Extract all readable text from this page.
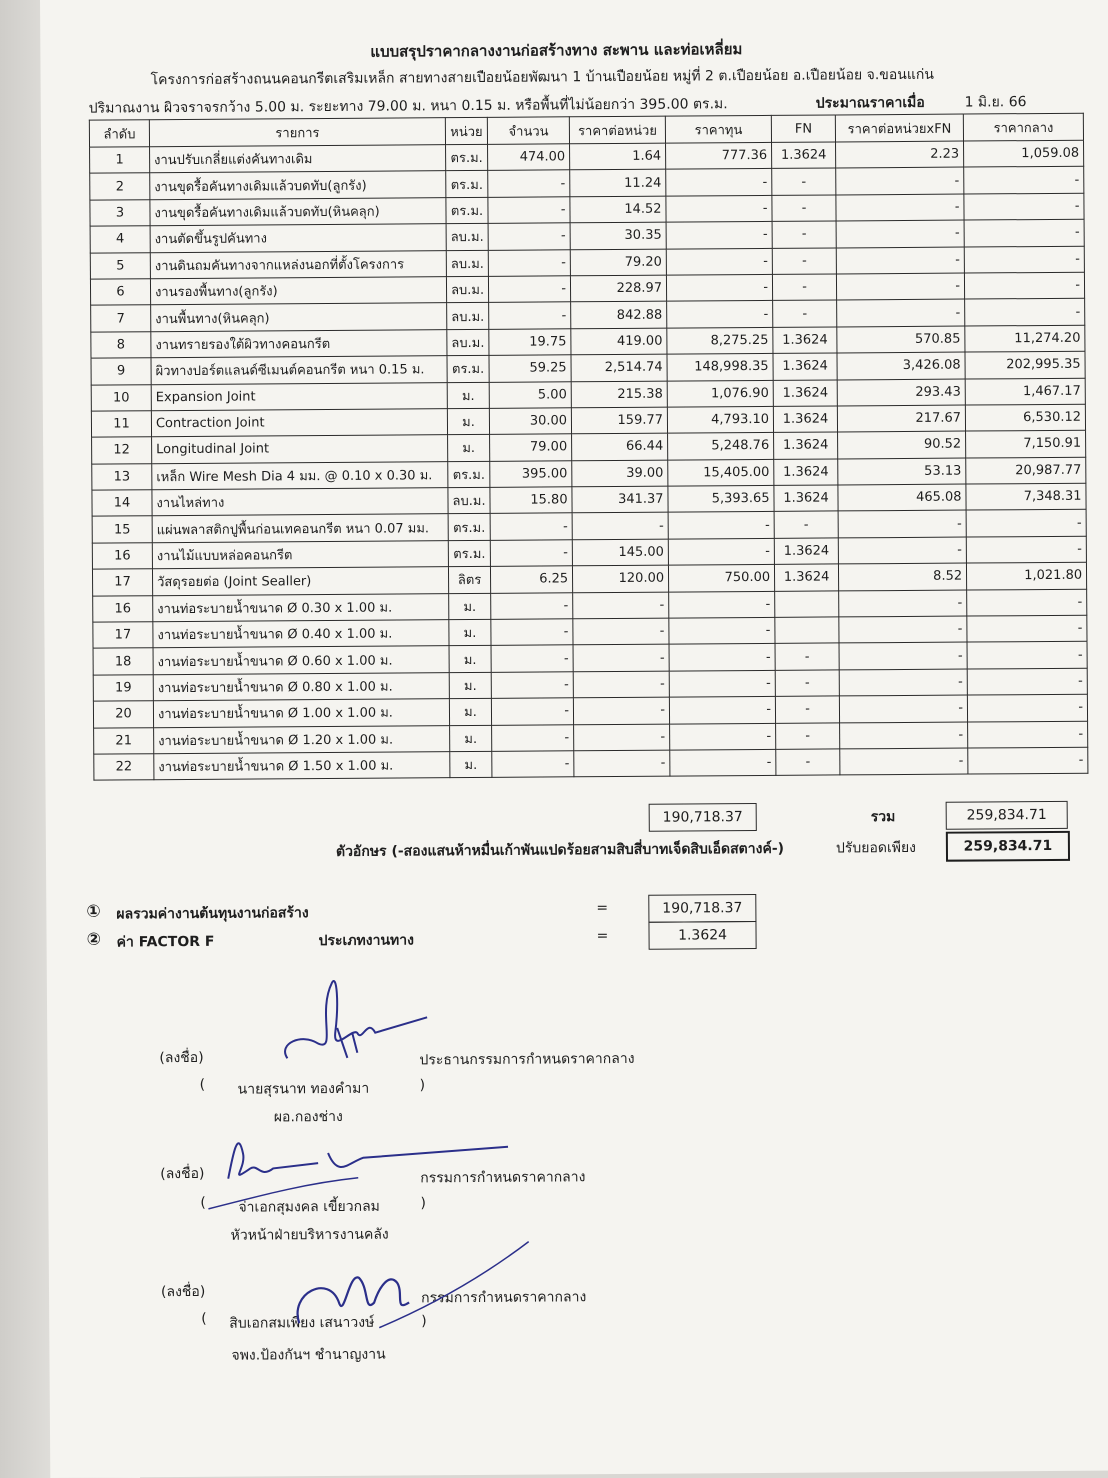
แบบสรุปราคากลางงานก่อสร้างทาง สะพาน และท่อเหลี่ยม
โครงการก่อสร้างถนนคอนกรีตเสริมเหล็ก สายทางสายเปือยน้อยพัฒนา 1 บ้านเปือยน้อย หมู่ที่ 2 ต.เปือยน้อย อ.เปือยน้อย จ.ขอนแก่น
ปริมาณงาน ผิวจราจรกว้าง 5.00 ม. ระยะทาง 79.00 ม. หนา 0.15 ม. หรือพื้นที่ไม่น้อยกว่า 395.00 ตร.ม.	ประมาณราคาเมื่อ	1 มิ.ย. 66
ลำดับ	รายการ	หน่วย	จำนวน	ราคาต่อหน่วย	ราคาทุน	FN	ราคาต่อหน่วยxFN	ราคากลาง
1	งานปรับเกลี่ยแต่งคันทางเดิม	ตร.ม.	474.00	1.64	777.36	1.3624	2.23	1,059.08
2	งานขุดรื้อคันทางเดิมแล้วบดทับ(ลูกรัง)	ตร.ม.	-	11.24	-	-	-	-
3	งานขุดรื้อคันทางเดิมแล้วบดทับ(หินคลุก)	ตร.ม.	-	14.52	-	-	-	-
4	งานตัดขึ้นรูปคันทาง	ลบ.ม.	-	30.35	-	-	-	-
5	งานดินถมคันทางจากแหล่งนอกที่ตั้งโครงการ	ลบ.ม.	-	79.20	-	-	-	-
6	งานรองพื้นทาง(ลูกรัง)	ลบ.ม.	-	228.97	-	-	-	-
7	งานพื้นทาง(หินคลุก)	ลบ.ม.	-	842.88	-	-	-	-
8	งานทรายรองใต้ผิวทางคอนกรีต	ลบ.ม.	19.75	419.00	8,275.25	1.3624	570.85	11,274.20
9	ผิวทางปอร์ตแลนด์ซีเมนต์คอนกรีต หนา 0.15 ม.	ตร.ม.	59.25	2,514.74	148,998.35	1.3624	3,426.08	202,995.35
10	Expansion Joint	ม.	5.00	215.38	1,076.90	1.3624	293.43	1,467.17
11	Contraction Joint	ม.	30.00	159.77	4,793.10	1.3624	217.67	6,530.12
12	Longitudinal Joint	ม.	79.00	66.44	5,248.76	1.3624	90.52	7,150.91
13	เหล็ก Wire Mesh Dia 4 มม. @ 0.10 x 0.30 ม.	ตร.ม.	395.00	39.00	15,405.00	1.3624	53.13	20,987.77
14	งานไหล่ทาง	ลบ.ม.	15.80	341.37	5,393.65	1.3624	465.08	7,348.31
15	แผ่นพลาสติกปูพื้นก่อนเทคอนกรีต หนา 0.07 มม.	ตร.ม.	-	-	-	-	-	-
16	งานไม้แบบหล่อคอนกรีต	ตร.ม.	-	145.00	-	1.3624	-	-
17	วัสดุรอยต่อ (Joint Sealler)	ลิตร	6.25	120.00	750.00	1.3624	8.52	1,021.80
16	งานท่อระบายน้ำขนาด Ø 0.30 x 1.00 ม.	ม.	-	-	-		-	-
17	งานท่อระบายน้ำขนาด Ø 0.40 x 1.00 ม.	ม.	-	-	-		-	-
18	งานท่อระบายน้ำขนาด Ø 0.60 x 1.00 ม.	ม.	-	-	-	-	-	-
19	งานท่อระบายน้ำขนาด Ø 0.80 x 1.00 ม.	ม.	-	-	-	-	-	-
20	งานท่อระบายน้ำขนาด Ø 1.00 x 1.00 ม.	ม.	-	-	-	-	-	-
21	งานท่อระบายน้ำขนาด Ø 1.20 x 1.00 ม.	ม.	-	-	-	-	-	-
22	งานท่อระบายน้ำขนาด Ø 1.50 x 1.00 ม.	ม.	-	-	-	-	-	-
190,718.37	รวม	259,834.71
ตัวอักษร (-สองแสนห้าหมื่นเก้าพันแปดร้อยสามสิบสี่บาทเจ็ดสิบเอ็ดสตางค์-)	ปรับยอดเพียง	259,834.71
① ผลรวมค่างานต้นทุนงานก่อสร้าง	=	190,718.37
② ค่า FACTOR F	ประเภทงานทาง	=	1.3624
(ลงชื่อ)	ประธานกรรมการกำหนดราคากลาง
( นายสุรนาท ทองคำมา	)
ผอ.กองช่าง
(ลงชื่อ)	กรรมการกำหนดราคากลาง
( จ่าเอกสุมงคล เขี้ยวกลม	)
หัวหน้าฝ่ายบริหารงานคลัง
(ลงชื่อ)	กรรมการกำหนดราคากลาง
( สิบเอกสมเพียง เสนาวงษ์	)
จพง.ป้องกันฯ ชำนาญงาน
